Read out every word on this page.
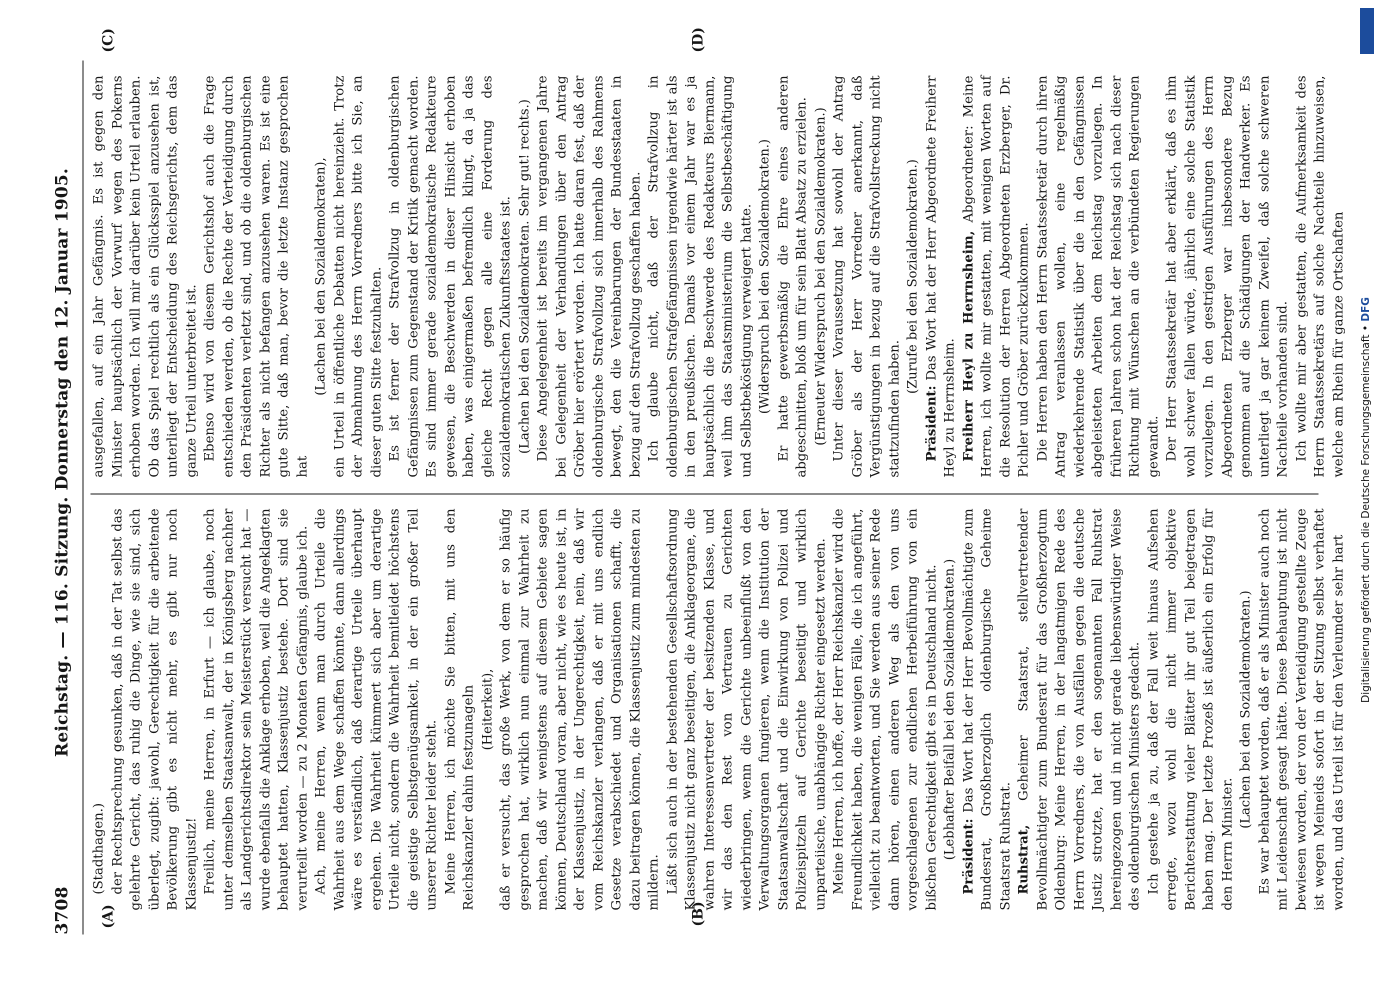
3708
Reichstag. — 116. Sitzung. Donnerstag den 12. Januar 1905.
(A)	(B)
(C)	(D)

(Stadthagen.) der Rechtsprechung gesunken, daß in der Tat selbst das gelehrte Gericht, das ruhig die Dinge, wie sie sind, sich überlegt, zugibt: jawohl, Gerechtigkeit für die arbeitende Bevölkerung gibt es nicht mehr, es gibt nur noch Klassenjustiz! Freilich, meine Herren, in Erfurt — ich glaube, noch unter demselben Staatsanwalt, der in Königsberg nachher als Landgerichtsdirektor sein Meisterstück versucht hat — wurde ebenfalls die Anklage erhoben, weil die Angeklagten behauptet hatten, Klassenjustiz bestehe. Dort sind sie verurteilt worden — zu 2 Monaten Gefängnis, glaube ich. Ach, meine Herren, wenn man durch Urteile die Wahrheit aus dem Wege schaffen könnte, dann allerdings wäre es verständlich, daß derartige Urteile überhaupt ergehen. Die Wahrheit kümmert sich aber um derartige Urteile nicht, sondern die Wahrheit bemitleidet höchstens die geistige Selbstgenügsamkeit, in der ein großer Teil unserer Richter leider steht. Meine Herren, ich möchte Sie bitten, mit uns den Reichskanzler dahin festzunageln (Heiterkeit), daß er versucht, das große Werk, von dem er so häufig gesprochen hat, wirklich nun einmal zur Wahrheit zu machen, daß wir wenigstens auf diesem Gebiete sagen können, Deutschland voran, aber nicht, wie es heute ist, in der Klassenjustiz, in der Ungerechtigkeit, nein, daß wir vom Reichskanzler verlangen, daß er mit uns endlich Gesetze verabschiedet und Organisationen schafft, die dazu beitragen können, die Klassenjustiz zum mindesten zu mildern. Läßt sich auch in der bestehenden Gesellschaftsordnung Klassenjustiz nicht ganz beseitigen, die Anklageorgane, die wahren Interessenvertreter der besitzenden Klasse, und wir das den Rest von Vertrauen zu Gerichten wiederbringen, wenn die Gerichte unbeeinflußt von den Verwaltungsorganen fungieren, wenn die Institution der Staatsanwaltschaft und die Einwirkung von Polizei und Polizeispitzeln auf Gerichte beseitigt und wirklich unparteiische, unabhängige Richter eingesetzt werden. Meine Herren, ich hoffe, der Herr Reichskanzler wird die Freundlichkeit haben, die wenigen Fälle, die ich angeführt, vielleicht zu beantworten, und Sie werden aus seiner Rede dann hören, einen anderen Weg als den von uns vorgeschlagenen zur endlichen Herbeiführung von ein bißchen Gerechtigkeit gibt es in Deutschland nicht. (Lebhafter Beifall bei den Sozialdemokraten.) Präsident: Das Wort hat der Herr Bevollmächtigte zum Bundesrat, Großherzoglich oldenburgische Geheime Staatsrat Ruhstrat. Ruhstrat, Geheimer Staatsrat, stellvertretender Bevollmächtigter zum Bundesrat für das Großherzogtum Oldenburg: Meine Herren, in der langatmigen Rede des Herrn Vorredners, die von Ausfällen gegen die deutsche Justiz strotzte, hat er den sogenannten Fall Ruhstrat hereingezogen und in nicht gerade liebenswürdiger Weise des oldenburgischen Ministers gedacht. Ich gestehe ja zu, daß der Fall weit hinaus Aufsehen erregte, wozu wohl die nicht immer objektive Berichterstattung vieler Blätter ihr gut Teil beigetragen haben mag. Der letzte Prozeß ist äußerlich ein Erfolg für den Herrn Minister.

(Lachen bei den Sozialdemokraten.) Es war behauptet worden, daß er als Minister auch noch mit Leidenschaft gesagt hätte. Diese Behauptung ist nicht bewiesen worden, der von der Verteidigung gestellte Zeuge ist wegen Meineids sofort in der Sitzung selbst verhaftet worden, und das Urteil ist für den Verleumder sehr hart

ausgefallen, auf ein Jahr Gefängnis. Es ist gegen den Minister hauptsächlich der Vorwurf wegen des Pokerns erhoben worden. Ich will mir darüber kein Urteil erlauben. Ob das Spiel rechtlich als ein Glücksspiel anzusehen ist, unterliegt der Entscheidung des Reichsgerichts, dem das ganze Urteil unterbreitet ist. Ebenso wird von diesem Gerichtshof auch die Frage entschieden werden, ob die Rechte der Verteidigung durch den Präsidenten verletzt sind, und ob die oldenburgischen Richter als nicht befangen anzusehen waren. Es ist eine gute Sitte, daß man, bevor die letzte Instanz gesprochen hat

(Lachen bei den Sozialdemokraten), ein Urteil in öffentliche Debatten nicht hereinzieht. Trotz der Abmahnung des Herrn Vorredners bitte ich Sie, an dieser guten Sitte festzuhalten. Es ist ferner der Strafvollzug in oldenburgischen Gefängnissen zum Gegenstand der Kritik gemacht worden. Es sind immer gerade sozialdemokratische Redakteure gewesen, die Beschwerden in dieser Hinsicht erhoben haben, was einigermaßen befremdlich klingt, da ja das gleiche Recht gegen alle eine Forderung des sozialdemokratischen Zukunftsstaates ist. (Lachen bei den Sozialdemokraten. Sehr gut! rechts.) Diese Angelegenheit ist bereits im vergangenen Jahre bei Gelegenheit der Verhandlungen über den Antrag Gröber hier erörtert worden. Ich hatte daran fest, daß der oldenburgische Strafvollzug sich innerhalb des Rahmens bewegt, den die Vereinbarungen der Bundesstaaten in bezug auf den Strafvollzug geschaffen haben. Ich glaube nicht, daß der Strafvollzug in oldenburgischen Strafgefängnissen irgendwie härter ist als in den preußischen. Damals vor einem Jahr war es ja hauptsächlich die Beschwerde des Redakteurs Biermann, weil ihm das Staatsministerium die Selbstbeschäftigung und Selbstbeköstigung verweigert hatte. (Widerspruch bei den Sozialdemokraten.) Er hatte gewerbsmäßig die Ehre eines anderen abgeschnitten, bloß um für sein Blatt Absatz zu erzielen. (Erneuter Widerspruch bei den Sozialdemokraten.) Unter dieser Voraussetzung hat sowohl der Antrag Gröber als der Herr Vorredner anerkannt, daß Vergünstigungen in bezug auf die Strafvollstreckung nicht stattzufinden haben.

(Zurufe bei den Sozialdemokraten.)

Präsident: Das Wort hat der Herr Abgeordnete Freiherr Heyl zu Herrnsheim. Freiherr Heyl zu Herrnsheim, Abgeordneter: Meine Herren, ich wollte mir gestatten, mit wenigen Worten auf die Resolution der Herren Abgeordneten Erzberger, Dr. Pichler und Gröber zurückzukommen. Die Herren haben den Herrn Staatssekretär durch ihren Antrag veranlassen wollen, eine regelmäßig wiederkehrende Statistik über die in den Gefängnissen abgeleisteten Arbeiten dem Reichstag vorzulegen. In früheren Jahren schon hat der Reichstag sich nach dieser Richtung mit Wünschen an die verbündeten Regierungen gewandt. Der Herr Staatssekretär hat aber erklärt, daß es ihm wohl schwer fallen würde, jährlich eine solche Statistik vorzulegen. In den gestrigen Ausführungen des Herrn Abgeordneten Erzberger war insbesondere Bezug genommen auf die Schädigungen der Handwerker. Es unterliegt ja gar keinem Zweifel, daß solche schweren Nachteile vorhanden sind. Ich wollte mir aber gestatten, die Aufmerksamkeit des Herrn Staatssekretärs auf solche Nachteile hinzuweisen, welche am Rhein für ganze Ortschaften Digitalisierung gefördert durch die Deutsche Forschungsgemeinschaft • DFG
